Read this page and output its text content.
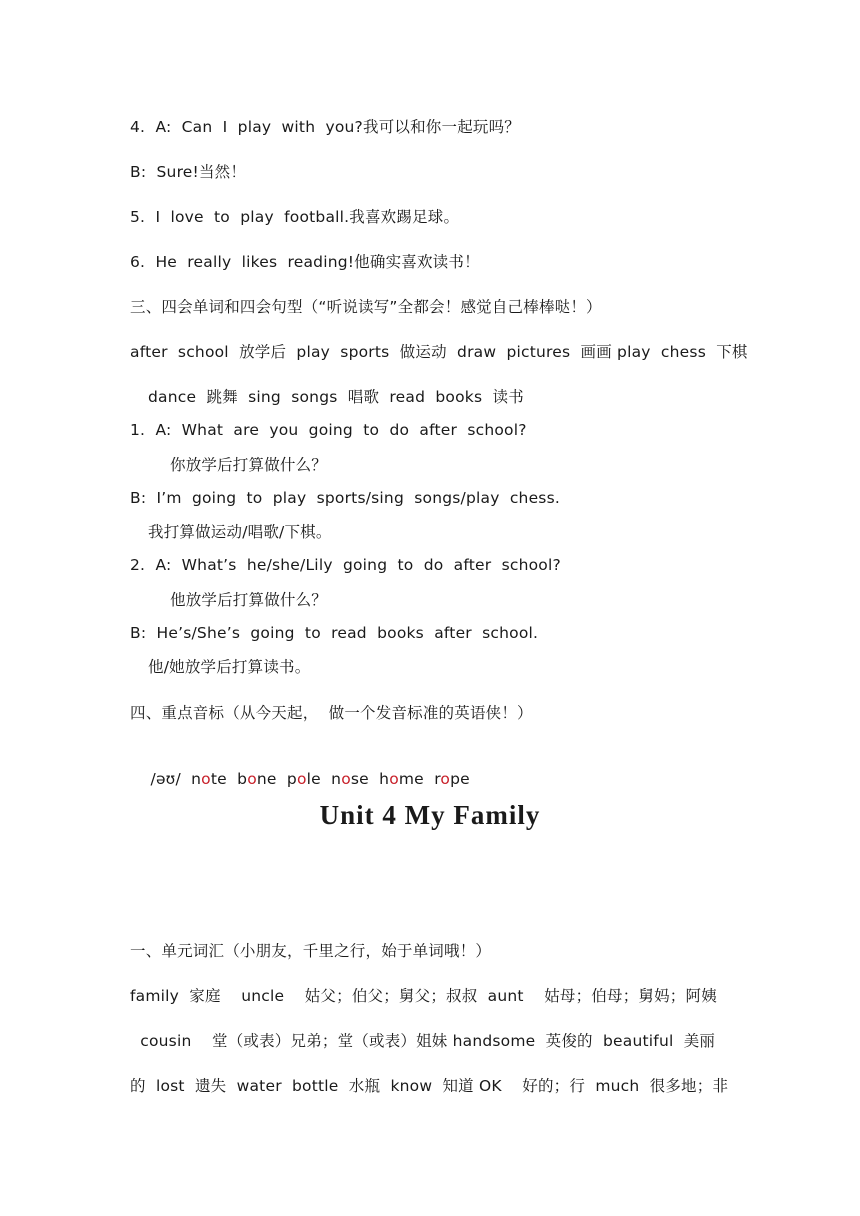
4.  A:  Can  I  play  with  you?我可以和你一起玩吗？
B:  Sure!当然！
5.  I  love  to  play  football.我喜欢踢足球。
6.  He  really  likes  reading!他确实喜欢读书！
三、四会单词和四会句型（“听说读写”全都会！感觉自己棒棒哒！）
after  school  放学后  play  sports  做运动  draw  pictures  画画 play  chess  下棋
dance  跳舞  sing  songs  唱歌  read  books  读书
1.  A:  What  are  you  going  to  do  after  school?
你放学后打算做什么？
B:  I’m  going  to  play  sports/sing  songs/play  chess.
我打算做运动/唱歌/下棋。
2.  A:  What’s  he/she/Lily  going  to  do  after  school?
他放学后打算做什么？
B:  He’s/She’s  going  to  read  books  after  school.
他/她放学后打算读书。
四、重点音标（从今天起，  做一个发音标准的英语侠！）

/əʊ/ note bone pole nose home rope

Unit 4 My Family
一、单元词汇（小朋友，千里之行，始于单词哦！）
family  家庭    uncle    姑父；伯父；舅父；叔叔  aunt    姑母；伯母；舅妈；阿姨
cousin    堂（或表）兄弟；堂（或表）姐妹 handsome  英俊的  beautiful  美丽
的  lost  遗失  water  bottle  水瓶  know  知道 OK    好的；行  much  很多地；非
